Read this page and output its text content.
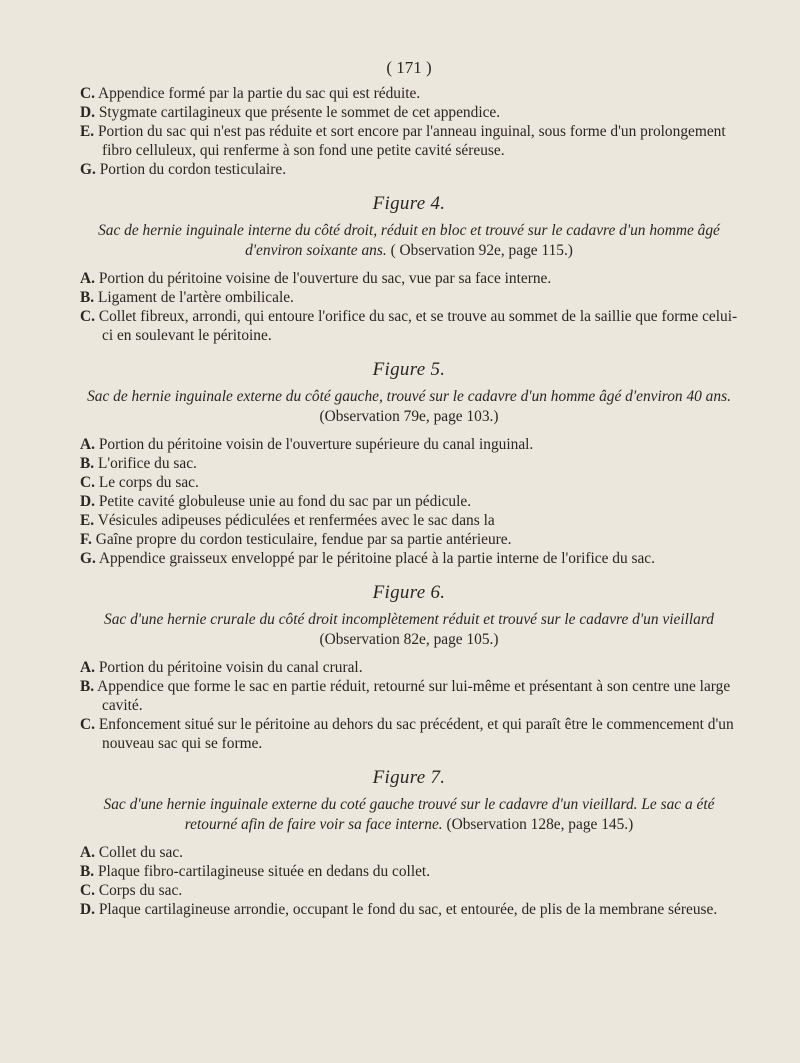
( 171 )

C. Appendice formé par la partie du sac qui est réduite.

D. Stygmate cartilagineux que présente le sommet de cet appendice.

E. Portion du sac qui n'est pas réduite et sort encore par l'anneau inguinal, sous forme d'un prolongement fibro celluleux, qui renferme à son fond une petite cavité séreuse.

G. Portion du cordon testiculaire.

Figure 4.

Sac de hernie inguinale interne du côté droit, réduit en bloc et trouvé sur le cadavre d'un homme âgé d'environ soixante ans. ( Observation 92e, page 115.)

A. Portion du péritoine voisine de l'ouverture du sac, vue par sa face interne.

B. Ligament de l'artère ombilicale.

C. Collet fibreux, arrondi, qui entoure l'orifice du sac, et se trouve au sommet de la saillie que forme celui-ci en soulevant le péritoine.

Figure 5.

Sac de hernie inguinale externe du côté gauche, trouvé sur le cadavre d'un homme âgé d'environ 40 ans. (Observation 79e, page 103.)

A. Portion du péritoine voisin de l'ouverture supérieure du canal inguinal.

B. L'orifice du sac.

C. Le corps du sac.

D. Petite cavité globuleuse unie au fond du sac par un pédicule.

E. Vésicules adipeuses pédiculées et renfermées avec le sac dans la

F. Gaîne propre du cordon testiculaire, fendue par sa partie antérieure.

G. Appendice graisseux enveloppé par le péritoine placé à la partie interne de l'orifice du sac.

Figure 6.

Sac d'une hernie crurale du côté droit incomplètement réduit et trouvé sur le cadavre d'un vieillard (Observation 82e, page 105.)

A. Portion du péritoine voisin du canal crural.

B. Appendice que forme le sac en partie réduit, retourné sur lui-même et présentant à son centre une large cavité.

C. Enfoncement situé sur le péritoine au dehors du sac précédent, et qui paraît être le commencement d'un nouveau sac qui se forme.

Figure 7.

Sac d'une hernie inguinale externe du coté gauche trouvé sur le cadavre d'un vieillard. Le sac a été retourné afin de faire voir sa face interne. (Observation 128e, page 145.)

A. Collet du sac.

B. Plaque fibro-cartilagineuse située en dedans du collet.

C. Corps du sac.

D. Plaque cartilagineuse arrondie, occupant le fond du sac, et entourée, de plis de la membrane séreuse.
